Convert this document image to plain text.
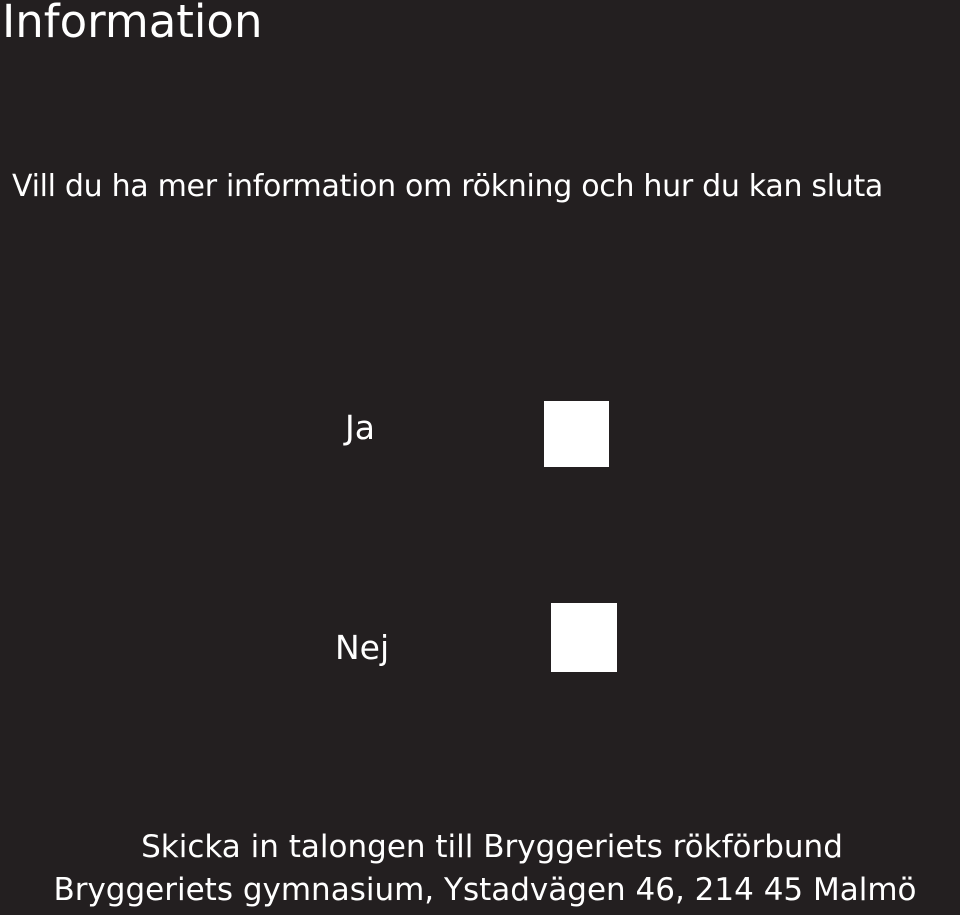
Information

Vill du ha mer information om rökning och hur du kan sluta

Ja
Nej

Skicka in talongen till Bryggeriets rökförbund

Bryggeriets gymnasium, Ystadvägen 46, 214 45 Malmö
